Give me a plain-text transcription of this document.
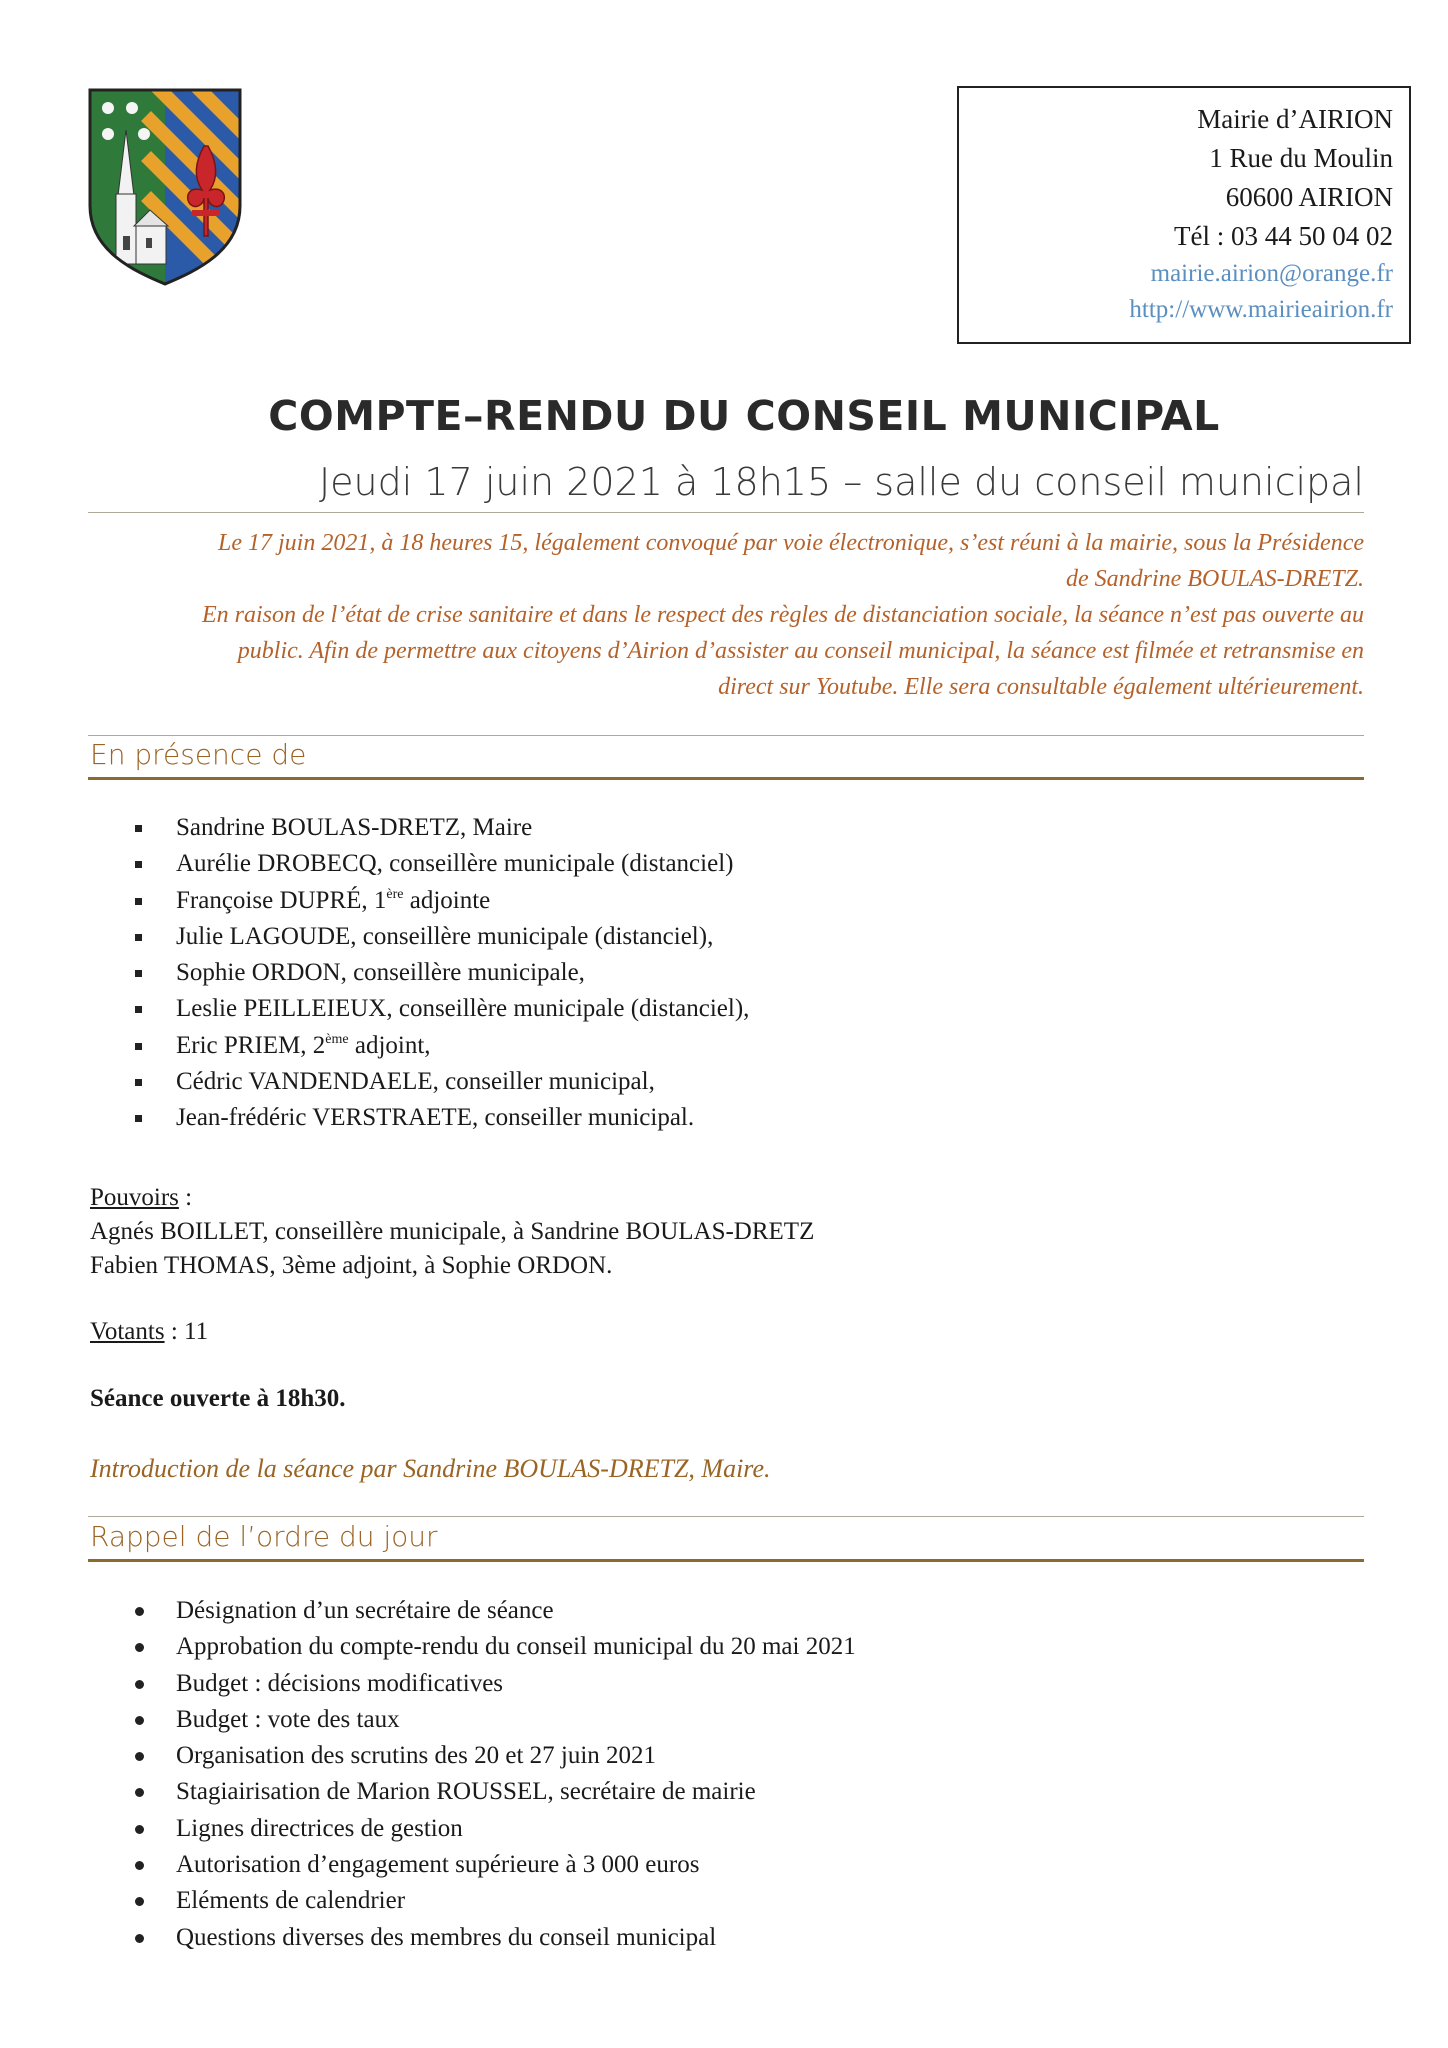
Mairie d’AIRION
1 Rue du Moulin
60600 AIRION
Tél : 03 44 50 04 02
mairie.airion@orange.fr
http://www.mairieairion.fr
COMPTE–RENDU DU CONSEIL MUNICIPAL
Jeudi 17 juin 2021 à 18h15 – salle du conseil municipal

Le 17 juin 2021, à 18 heures 15, légalement convoqué par voie électronique, s’est réuni à la mairie, sous la Présidence

de Sandrine BOULAS-DRETZ.

En raison de l’état de crise sanitaire et dans le respect des règles de distanciation sociale, la séance n’est pas ouverte au

public. Afin de permettre aux citoyens d’Airion d’assister au conseil municipal, la séance est filmée et retransmise en

direct sur Youtube. Elle sera consultable également ultérieurement.

En présence de
Sandrine BOULAS-DRETZ, Maire
Aurélie DROBECQ, conseillère municipale (distanciel)
Françoise DUPRÉ, 1ère adjointe
Julie LAGOUDE, conseillère municipale (distanciel),
Sophie ORDON, conseillère municipale,
Leslie PEILLEIEUX, conseillère municipale (distanciel),
Eric PRIEM, 2ème adjoint,
Cédric VANDENDAELE, conseiller municipal,
Jean-frédéric VERSTRAETE, conseiller municipal.
Pouvoirs :
Agnés BOILLET, conseillère municipale, à Sandrine BOULAS-DRETZ
Fabien THOMAS, 3ème adjoint, à Sophie ORDON.
Votants : 11
Séance ouverte à 18h30.
Introduction de la séance par Sandrine BOULAS-DRETZ, Maire.
Rappel de l’ordre du jour
Désignation d’un secrétaire de séance
Approbation du compte-rendu du conseil municipal du 20 mai 2021
Budget : décisions modificatives
Budget : vote des taux
Organisation des scrutins des 20 et 27 juin 2021
Stagiairisation de Marion ROUSSEL, secrétaire de mairie
Lignes directrices de gestion
Autorisation d’engagement supérieure à 3 000 euros
Eléments de calendrier
Questions diverses des membres du conseil municipal
